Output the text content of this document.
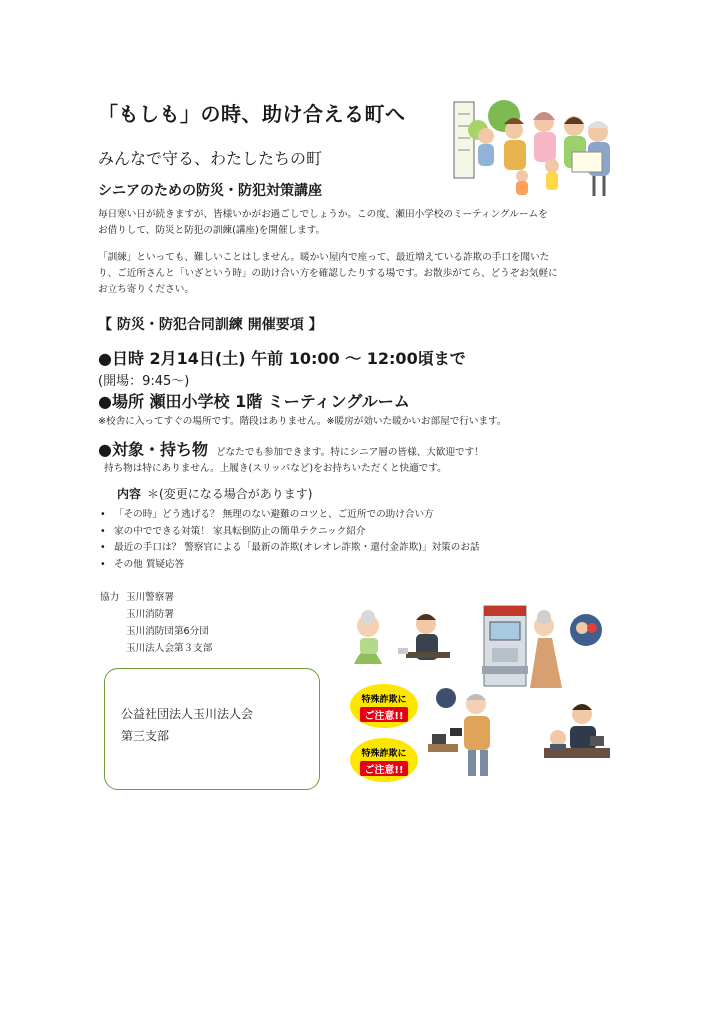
「もしも」の時、助け合える町へ
みんなで守る、わたしたちの町
シニアのための防災・防犯対策講座
毎日寒い日が続きますが、皆様いかがお過ごしでしょうか。この度、瀬田小学校のミーティングルームを
お借りして、防災と防犯の訓練(講座)を開催します。
「訓練」といっても、難しいことはしません。暖かい屋内で座って、最近増えている詐欺の手口を聞いた
り、ご近所さんと「いざという時」の助け合い方を確認したりする場です。お散歩がてら、どうぞお気軽に
お立ち寄りください。
【 防災・防犯合同訓練 開催要項 】
●日時 2月14日(土) 午前 10:00 ～ 12:00頃まで
(開場：9:45～)
●場所 瀬田小学校 1階 ミーティングルーム
※校舎に入ってすぐの場所です。階段はありません。※暖房が効いた暖かいお部屋で行います。
●対象・持ち物 どなたでも参加できます。特にシニア層の皆様、大歓迎です！
持ち物は特にありません。上履き(スリッパなど)をお持ちいただくと快適です。
内容 ＊(変更になる場合があります)
• 「その時」どう逃げる？ 無理のない避難のコツと、ご近所での助け合い方
• 家の中でできる対策！ 家具転倒防止の簡単テクニック紹介
• 最近の手口は？ 警察官による「最新の詐欺(オレオレ詐欺・還付金詐欺)」対策のお話
• その他 質疑応答
協力 玉川警察署
玉川消防署
玉川消防団第6分団
玉川法人会第３支部
公益社団法人玉川法人会
第三支部
特殊詐欺に
ご注意!!
特殊詐欺に
ご注意!!
